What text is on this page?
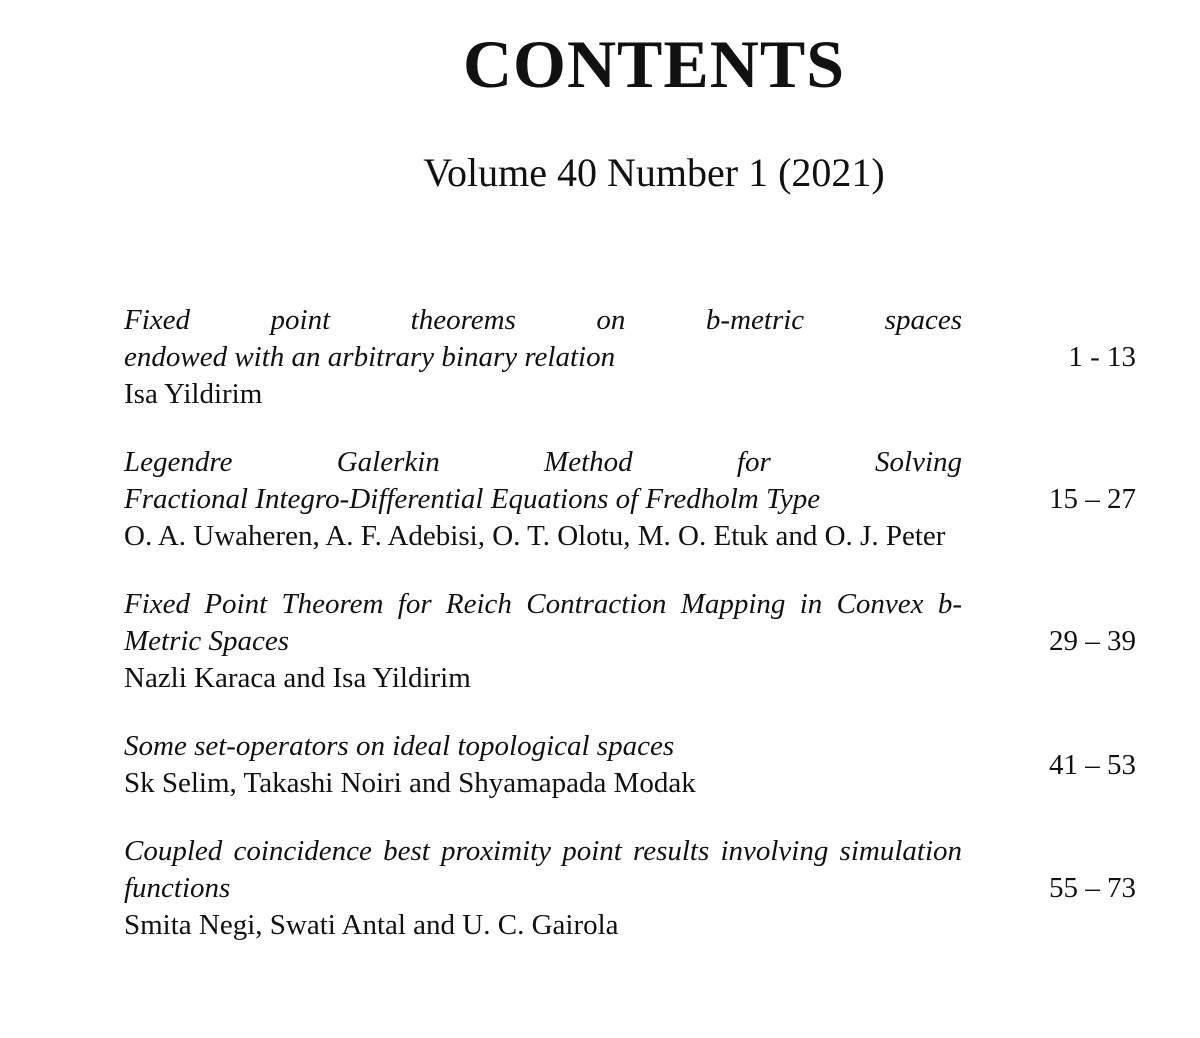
CONTENTS
Volume 40 Number 1 (2021)
Fixed point theorems on b-metric spaces
endowed with an arbitrary binary relation
Isa Yildirim
1 - 13
Legendre Galerkin Method for Solving
Fractional Integro-Differential Equations of Fredholm Type
O. A. Uwaheren, A. F. Adebisi, O. T. Olotu, M. O. Etuk and O. J. Peter
15 – 27
Fixed Point Theorem for Reich Contraction Mapping in Convex b-Metric Spaces
Nazli Karaca and Isa Yildirim
29 – 39
Some set-operators on ideal topological spaces
Sk Selim, Takashi Noiri and Shyamapada Modak
41 – 53
Coupled coincidence best proximity point results involving simulation functions
Smita Negi, Swati Antal and U. C. Gairola
55 – 73
